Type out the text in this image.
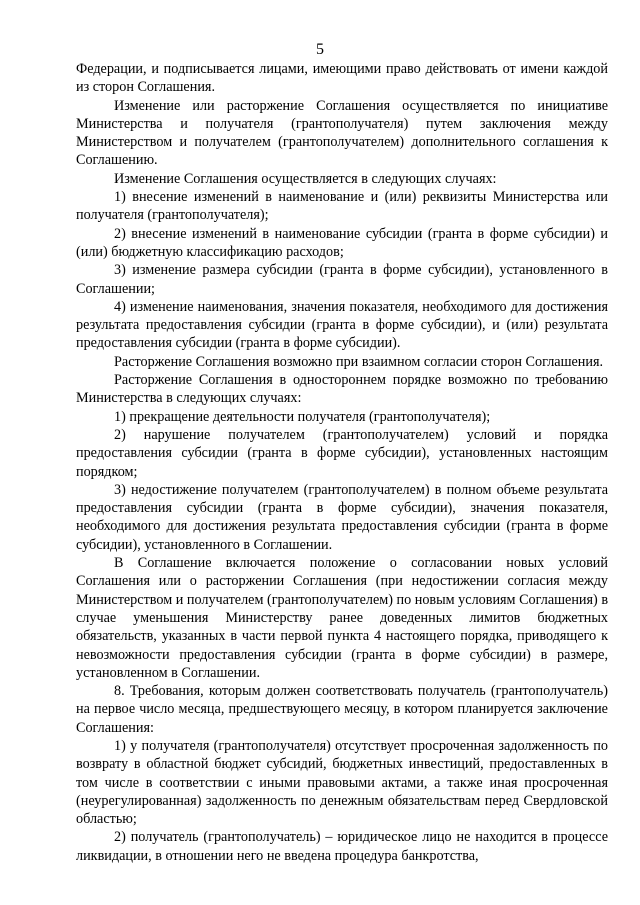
5

Федерации, и подписывается лицами, имеющими право действовать от имени каждой из сторон Соглашения.

Изменение или расторжение Соглашения осуществляется по инициативе Министерства и получателя (грантополучателя) путем заключения между Министерством и получателем (грантополучателем) дополнительного соглашения к Соглашению.

Изменение Соглашения осуществляется в следующих случаях:

1) внесение изменений в наименование и (или) реквизиты Министерства или получателя (грантополучателя);

2) внесение изменений в наименование субсидии (гранта в форме субсидии) и (или) бюджетную классификацию расходов;

3) изменение размера субсидии (гранта в форме субсидии), установленного в Соглашении;

4) изменение наименования, значения показателя, необходимого для достижения результата предоставления субсидии (гранта в форме субсидии), и (или) результата предоставления субсидии (гранта в форме субсидии).

Расторжение Соглашения возможно при взаимном согласии сторон Соглашения.

Расторжение Соглашения в одностороннем порядке возможно по требованию Министерства в следующих случаях:

1) прекращение деятельности получателя (грантополучателя);

2) нарушение получателем (грантополучателем) условий и порядка предоставления субсидии (гранта в форме субсидии), установленных настоящим порядком;

3) недостижение получателем (грантополучателем) в полном объеме результата предоставления субсидии (гранта в форме субсидии), значения показателя, необходимого для достижения результата предоставления субсидии (гранта в форме субсидии), установленного в Соглашении.

В Соглашение включается положение о согласовании новых условий Соглашения или о расторжении Соглашения (при недостижении согласия между Министерством и получателем (грантополучателем) по новым условиям Соглашения) в случае уменьшения Министерству ранее доведенных лимитов бюджетных обязательств, указанных в части первой пункта 4 настоящего порядка, приводящего к невозможности предоставления субсидии (гранта в форме субсидии) в размере, установленном в Соглашении.

8. Требования, которым должен соответствовать получатель (грантополучатель) на первое число месяца, предшествующего месяцу, в котором планируется заключение Соглашения:

1) у получателя (грантополучателя) отсутствует просроченная задолженность по возврату в областной бюджет субсидий, бюджетных инвестиций, предоставленных в том числе в соответствии с иными правовыми актами, а также иная просроченная (неурегулированная) задолженность по денежным обязательствам перед Свердловской областью;

2) получатель (грантополучатель) – юридическое лицо не находится в процессе ликвидации, в отношении него не введена процедура банкротства,
